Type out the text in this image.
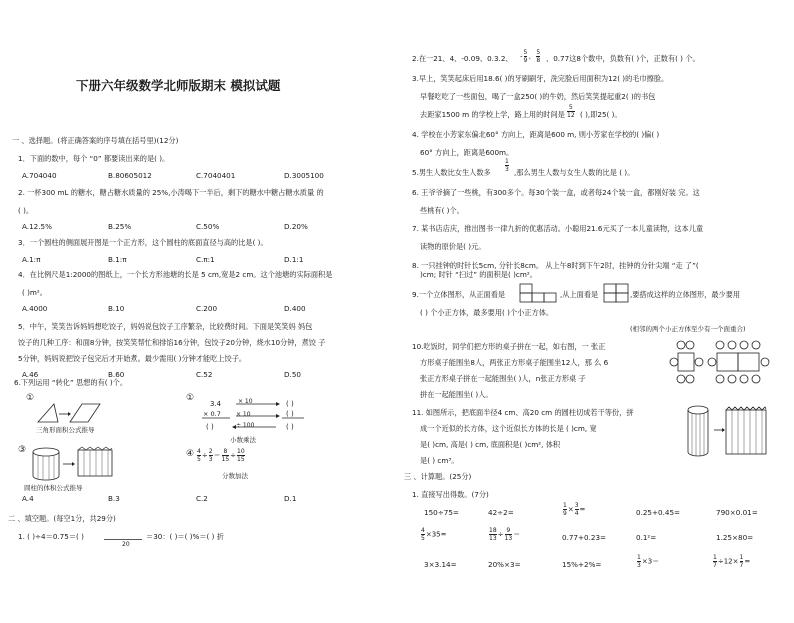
下册六年级数学北师版期末 模拟试题
一 、选择题。(将正确答案的序号填在括号里)(12分)
1．下面的数中，每个 “0” 都要读出来的是( )。
A.704040	B.80605012	C.7040401	D.3005100
2. 一杯300 mL 的糖水，糖占糖水质量的 25%,小涛喝下一半后，剩下的糖水中糖占糖水质量 的
( )。
A.12.5%	B.25%	C.50%	D.20%
3．一个圆柱的侧面展开图是一个正方形，这个圆柱的底面直径与高的比是( )。
A.1:π	B.1:π	C.π:1	D.1:1
4．在比例尺是1:2000的图纸上，一个长方形池塘的长是 5 cm,宽是2 cm。这个池塘的实际面积是
( )m²。
A.4000	B.10	C.200	D.400
5．中午，笑笑告诉妈妈想吃饺子，妈妈说包饺子工序繁杂，比较费时间。下面是笑笑妈 妈包
饺子的几种工序：和面8分钟，按笑笑帮忙和排馅16分钟，包饺子20分钟，烧水10分钟，煮饺 子
5分钟，妈妈说把饺子包完后才开始煮。最少需用( )分钟才能吃上饺子。
A.46	B.60	C.52	D.50
6.下列运用 “转化” 思想的有( )个。
①
三角形面积公式推导
①
3.4	× 10	( )
× 0.7	× 10	( )
( )	÷ 100	( )
小数乘法
③
圆柱的体积公式推导
④ $\frac{4}{5} \div \frac{2}{3} = \frac{8}{15} \div \frac{10}{15}$
分数加法
A.4	B.3	C.2	D.1
二 、填空题。(每空1分，共29分)
1. ( )÷4＝0.75＝( )
20
＝30：( )＝( )%＝( ) 折
2.在一21、4、-0.09、0.3.2、 - $\frac{5}{9}$ 、 $\frac{5}{8}$ 、0.77这8个数中，负数有( )个，正数有( ) 个。
3.早上，笑笑起床后用18.6( )的牙刷刷牙，洗完脸后用面积为12( )的毛巾擦脸。
早餐吃吃了一些面包，喝了一盒250( )的牛奶，然后笑笑提起重2( )的书包
去距家1500 m 的学校上学，路上用的时间是 $\frac{5}{12}$ ( ),即25( )。
4. 学校在小芳家东偏北60° 方向上，距离是600 m, 则小芳家在学校的( )偏( )
60° 方向上，距离是600m。
5.男生人数比女生人数多 $\frac{1}{3}$ ,那么男生人数与女生人数的比是 ( )。
6. 王爷爷摘了一些桃，有300多个。每30个装一盒，或者每24个装一盒，都刚好装 完。这
些桃有( )个。
7. 某书店店庆，推出图书一律九折的优惠活动。小聪用21.6元买了一本儿童读物，这本儿童
读物的原价是( )元。
8. 一只挂钟的时针长5cm, 分针长8cm。 从上午8时到下午2时，挂钟的分针尖端 “走 了”(
)cm; 时针 “扫过” 的面积是( )cm²。
9.一个立体图形，从正面看是	,从上面看是	,要搭成这样的立体图形，最少要用
( ) 个小正方体，最多要用( )个小正方体。
(相邻的两个小正方体至少有一个面重合)
10.吃饭时，同学们把方形的桌子拼在一起，如右图，一 张正
方形桌子能围坐8人，两张正方形桌子能围坐12人，那 么 6
张正方形桌子拼在一起能围坐( )人，n张正方形桌 子
拼在一起能围坐( )人。
11. 如图所示，把底面半径4 cm、高20 cm 的圆柱切成若干等份，拼
成一个近似的长方体，这个近似长方体的长是 ( )cm, 宽
是( )cm, 高是( ) cm, 底面积是( )cm², 体积
是( ) cm³。
三 、计算题。(25分)
1. 直接写出得数。(7分)
150÷75=	42÷2=	$\frac{1}{9} \times \frac{3}{4}$ =	0.25+0.45=	790×0.01=
$\frac{4}{5} \times 35=$	$\frac{18}{13} \div \frac{9}{13}$ ＝	0.77+0.23=	0.1²=	1.25×80=
3×3.14=	20%×3=	15%+2%=	$\frac{1}{3} \times 3=$	$\frac{1}{7} \div 12\times \frac{1}{7}$ =
